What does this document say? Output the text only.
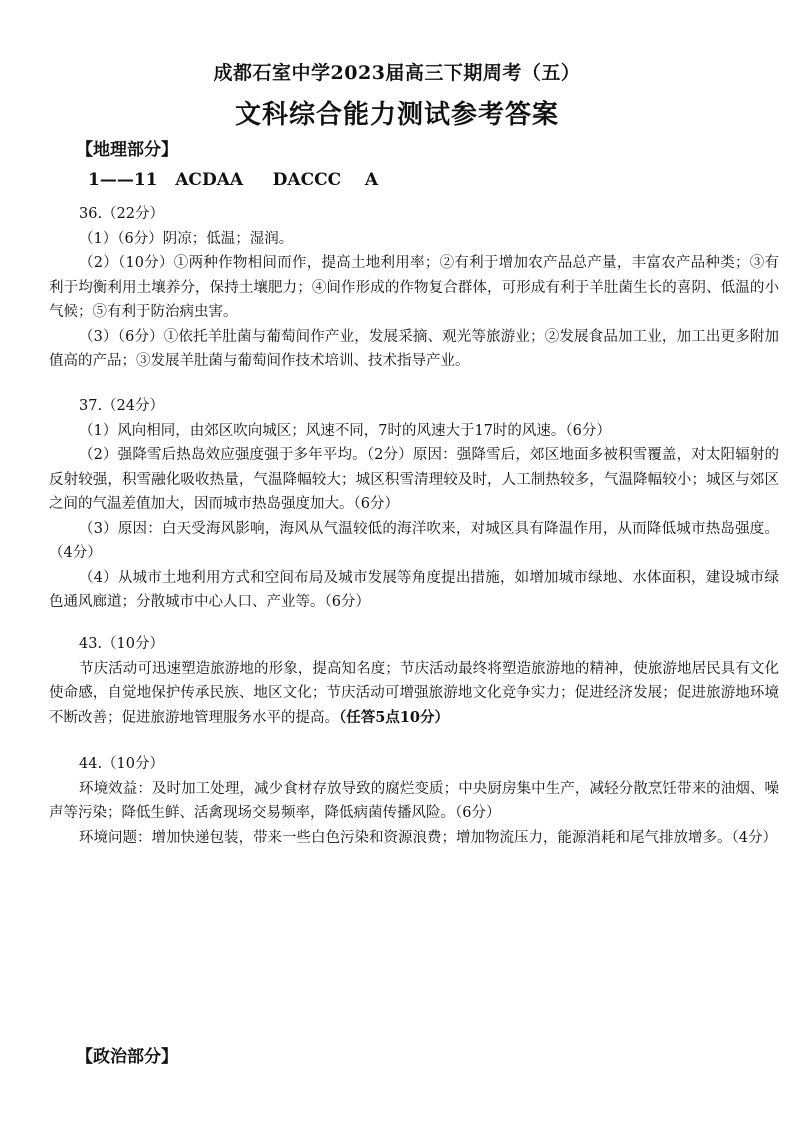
成都石室中学2023届高三下期周考（五）
文科综合能力测试参考答案
【地理部分】
1——11   ACDAA     DACCC    A
36.（22分）

（1）（6分）阴凉；低温；湿润。

（2）（10分）①两种作物相间而作，提高土地利用率；②有利于增加农产品总产量，丰富农产品种类；③有利于均衡利用土壤养分，保持土壤肥力；④间作形成的作物复合群体，可形成有利于羊肚菌生长的喜阴、低温的小气候；⑤有利于防治病虫害。

（3）（6分）①依托羊肚菌与葡萄间作产业，发展采摘、观光等旅游业；②发展食品加工业，加工出更多附加值高的产品；③发展羊肚菌与葡萄间作技术培训、技术指导产业。

37.（24分）

（1）风向相同，由郊区吹向城区；风速不同，7时的风速大于17时的风速。（6分）

（2）强降雪后热岛效应强度强于多年平均。（2分）原因：强降雪后，郊区地面多被积雪覆盖，对太阳辐射的反射较强，积雪融化吸收热量，气温降幅较大；城区积雪清理较及时，人工制热较多，气温降幅较小；城区与郊区之间的气温差值加大，因而城市热岛强度加大。（6分）

（3）原因：白天受海风影响，海风从气温较低的海洋吹来，对城区具有降温作用，从而降低城市热岛强度。（4分）

（4）从城市土地利用方式和空间布局及城市发展等角度提出措施，如增加城市绿地、水体面积，建设城市绿色通风廊道；分散城市中心人口、产业等。（6分）

43.（10分）

节庆活动可迅速塑造旅游地的形象，提高知名度；节庆活动最终将塑造旅游地的精神，使旅游地居民具有文化使命感，自觉地保护传承民族、地区文化；节庆活动可增强旅游地文化竞争实力；促进经济发展；促进旅游地环境不断改善；促进旅游地管理服务水平的提高。（任答5点10分）

44.（10分）

环境效益：及时加工处理，减少食材存放导致的腐烂变质；中央厨房集中生产，减轻分散烹饪带来的油烟、噪声等污染；降低生鲜、活禽现场交易频率，降低病菌传播风险。（6分）

环境问题：增加快递包装，带来一些白色污染和资源浪费；增加物流压力，能源消耗和尾气排放增多。（4分）

【政治部分】
